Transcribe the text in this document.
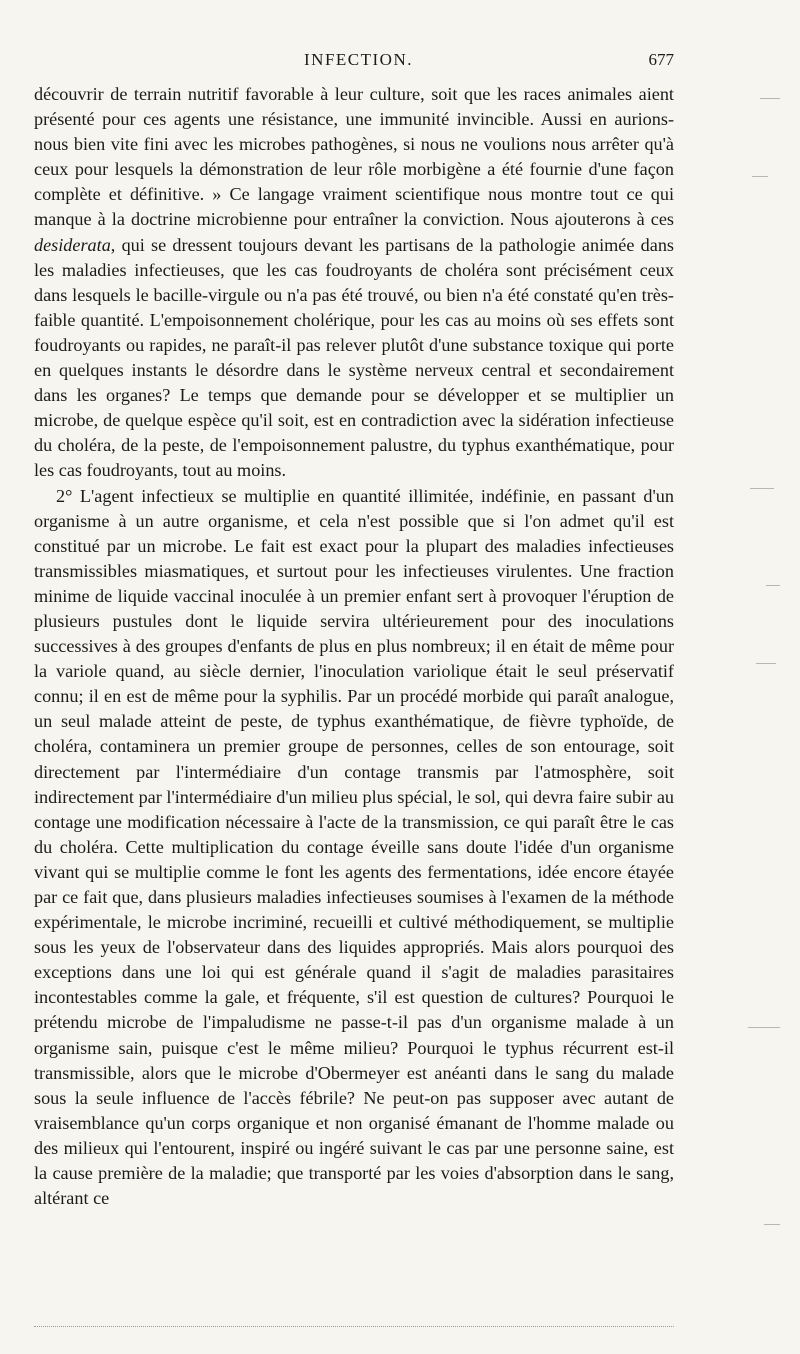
INFECTION.	677

découvrir de terrain nutritif favorable à leur culture, soit que les races animales aient présenté pour ces agents une résistance, une immunité invincible. Aussi en aurions-nous bien vite fini avec les microbes pathogènes, si nous ne voulions nous arrêter qu'à ceux pour lesquels la démonstration de leur rôle morbigène a été fournie d'une façon complète et définitive. » Ce langage vraiment scientifique nous montre tout ce qui manque à la doctrine microbienne pour entraîner la conviction. Nous ajouterons à ces desiderata, qui se dressent toujours devant les partisans de la pathologie animée dans les maladies infectieuses, que les cas foudroyants de choléra sont précisément ceux dans lesquels le bacille-virgule ou n'a pas été trouvé, ou bien n'a été constaté qu'en très-faible quantité. L'empoisonnement cholérique, pour les cas au moins où ses effets sont foudroyants ou rapides, ne paraît-il pas relever plutôt d'une substance toxique qui porte en quelques instants le désordre dans le système nerveux central et secondairement dans les organes? Le temps que demande pour se développer et se multiplier un microbe, de quelque espèce qu'il soit, est en contradiction avec la sidération infectieuse du choléra, de la peste, de l'empoisonnement palustre, du typhus exanthématique, pour les cas foudroyants, tout au moins.

2° L'agent infectieux se multiplie en quantité illimitée, indéfinie, en passant d'un organisme à un autre organisme, et cela n'est possible que si l'on admet qu'il est constitué par un microbe. Le fait est exact pour la plupart des maladies infectieuses transmissibles miasmatiques, et surtout pour les infectieuses virulentes. Une fraction minime de liquide vaccinal inoculée à un premier enfant sert à provoquer l'éruption de plusieurs pustules dont le liquide servira ultérieurement pour des inoculations successives à des groupes d'enfants de plus en plus nombreux; il en était de même pour la variole quand, au siècle dernier, l'inoculation variolique était le seul préservatif connu; il en est de même pour la syphilis. Par un procédé morbide qui paraît analogue, un seul malade atteint de peste, de typhus exanthématique, de fièvre typhoïde, de choléra, contaminera un premier groupe de personnes, celles de son entourage, soit directement par l'intermédiaire d'un contage transmis par l'atmosphère, soit indirectement par l'intermédiaire d'un milieu plus spécial, le sol, qui devra faire subir au contage une modification nécessaire à l'acte de la transmission, ce qui paraît être le cas du choléra. Cette multiplication du contage éveille sans doute l'idée d'un organisme vivant qui se multiplie comme le font les agents des fermentations, idée encore étayée par ce fait que, dans plusieurs maladies infectieuses soumises à l'examen de la méthode expérimentale, le microbe incriminé, recueilli et cultivé méthodiquement, se multiplie sous les yeux de l'observateur dans des liquides appropriés. Mais alors pourquoi des exceptions dans une loi qui est générale quand il s'agit de maladies parasitaires incontestables comme la gale, et fréquente, s'il est question de cultures? Pourquoi le prétendu microbe de l'impaludisme ne passe-t-il pas d'un organisme malade à un organisme sain, puisque c'est le même milieu? Pourquoi le typhus récurrent est-il transmissible, alors que le microbe d'Obermeyer est anéanti dans le sang du malade sous la seule influence de l'accès fébrile? Ne peut-on pas supposer avec autant de vraisemblance qu'un corps organique et non organisé émanant de l'homme malade ou des milieux qui l'entourent, inspiré ou ingéré suivant le cas par une personne saine, est la cause première de la maladie; que transporté par les voies d'absorption dans le sang, altérant ce
